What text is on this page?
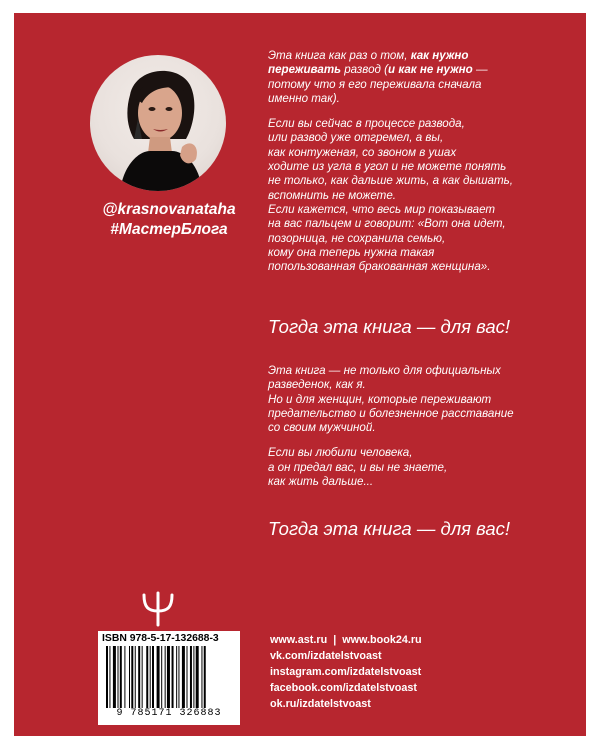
@krasnovanataha
#МастерБлога

Эта книга как раз о том, как нужно
переживать развод (и как не нужно —
потому что я его переживала сначала
именно так).

Если вы сейчас в процессе развода,
или развод уже отгремел, а вы,
как контуженая, со звоном в ушах
ходите из угла в угол и не можете понять
не только, как дальше жить, а как дышать,
вспомнить не можете.
Если кажется, что весь мир показывает
на вас пальцем и говорит: «Вот она идет,
позорница, не сохранила семью,
кому она теперь нужна такая
попользованная бракованная женщина».

Тогда эта книга — для вас!

Эта книга — не только для официальных
разведенок, как я.
Но и для женщин, которые переживают
предательство и болезненное расставание
со своим мужчиной.

Если вы любили человека,
а он предал вас, и вы не знаете,
как жить дальше...

Тогда эта книга — для вас!
ISBN 978-5-17-132688-3
9 785171 326883
www.ast.ru | www.book24.ru
vk.com/izdatelstvoast
instagram.com/izdatelstvoast
facebook.com/izdatelstvoast
ok.ru/izdatelstvoast
